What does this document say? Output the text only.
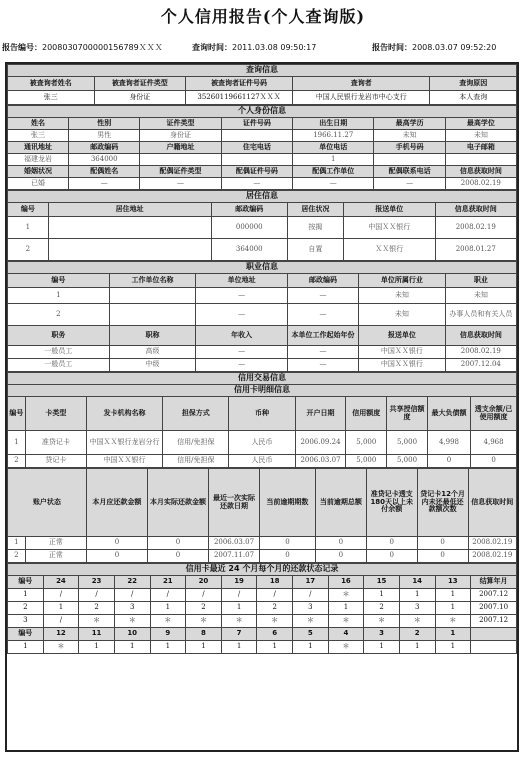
个人信用报告(个人查询版)
报告编号：2008030700000156789ＸＸＸ	查询时间：2011.03.08 09:50:17	报告时间：2008.03.07 09:52:20
查询信息				
被查询者姓名	被查询者证件类型	被查询者证件号码	查询者	查询原因
张三	身份证	352601196611​27ＸＸＸ	中国人民银行龙岩市中心支行	本人查询
个人身份信息						
姓名	性别	证件类型	证件号码	出生日期	最高学历	最高学位
张三	男性	身份证		1966.11.27	未知	未知
通讯地址	邮政编码	户籍地址	住宅电话	单位电话	手机号码	电子邮箱
福建龙岩	364000			1		
婚姻状况	配偶姓名	配偶证件类型	配偶证件号码	配偶工作单位	配偶联系电话	信息获取时间
已婚	—	—	—	—	—	2008.02.19
居住信息					
编号	居住地址	邮政编码	居住状况	报送单位	信息获取时间
1		000000	按揭	中国ＸＸ银行	2008.02.19
2		364000	自置	ＸＸ银行	2008.01.27
职业信息					
编号	工作单位名称	单位地址	邮政编码	单位所属行业	职业
1		—	—	未知	未知
2		—	—	未知	办事人员和有关人员
职务	职称	年收入	本单位工作起始年份	报送单位	信息获取时间
一般员工	高级	—	—	中国ＸＸ银行	2008.02.19
一般员工	中级	—	—	中国ＸＸ银行	2007.12.04
信用交易信息									
信用卡明细信息									
编号	卡类型	发卡机构名称	担保方式	币种	开户日期	信用额度	共享授信额度	最大负债额	透支余额/已使用额度
1	准贷记卡	中国ＸＸ银行龙岩分行	信用/免担保	人民币	2006.09.24	5,000	5,000	4,998	4,968
2	贷记卡	中国ＸＸ银行	信用/免担保	人民币	2006.03.07	5,000	5,000	0	0
账户状态		本月应还款金额	本月实际还款金额	最近一次实际还款日期	当前逾期期数	当前逾期总额	准贷记卡透支180天以上未付余额	贷记卡12个月内未还最低还款额次数	信息获取时间
1	正常	0	0	2006.03.07	0	0	0	0	2008.02.19
2	正常	0	0	2007.11.07	0	0	0	0	2008.02.19
信用卡最近 24 个月每个月的还款状态记录													
编号	24	23	22	21	20	19	18	17	16	15	14	13	结算年月
1	/	/	/	/	/	/	/	/	＊	1	1	1	2007.12
2	1	2	3	1	2	1	2	3	1	2	3	1	2007.10
3	/	＊	＊	＊	＊	＊	＊	＊	＊	＊	＊	＊	2007.12
编号	12	11	10	9	8	7	6	5	4	3	2	1	
1	＊	1	1	1	1	1	1	1	＊	1	1	1	
